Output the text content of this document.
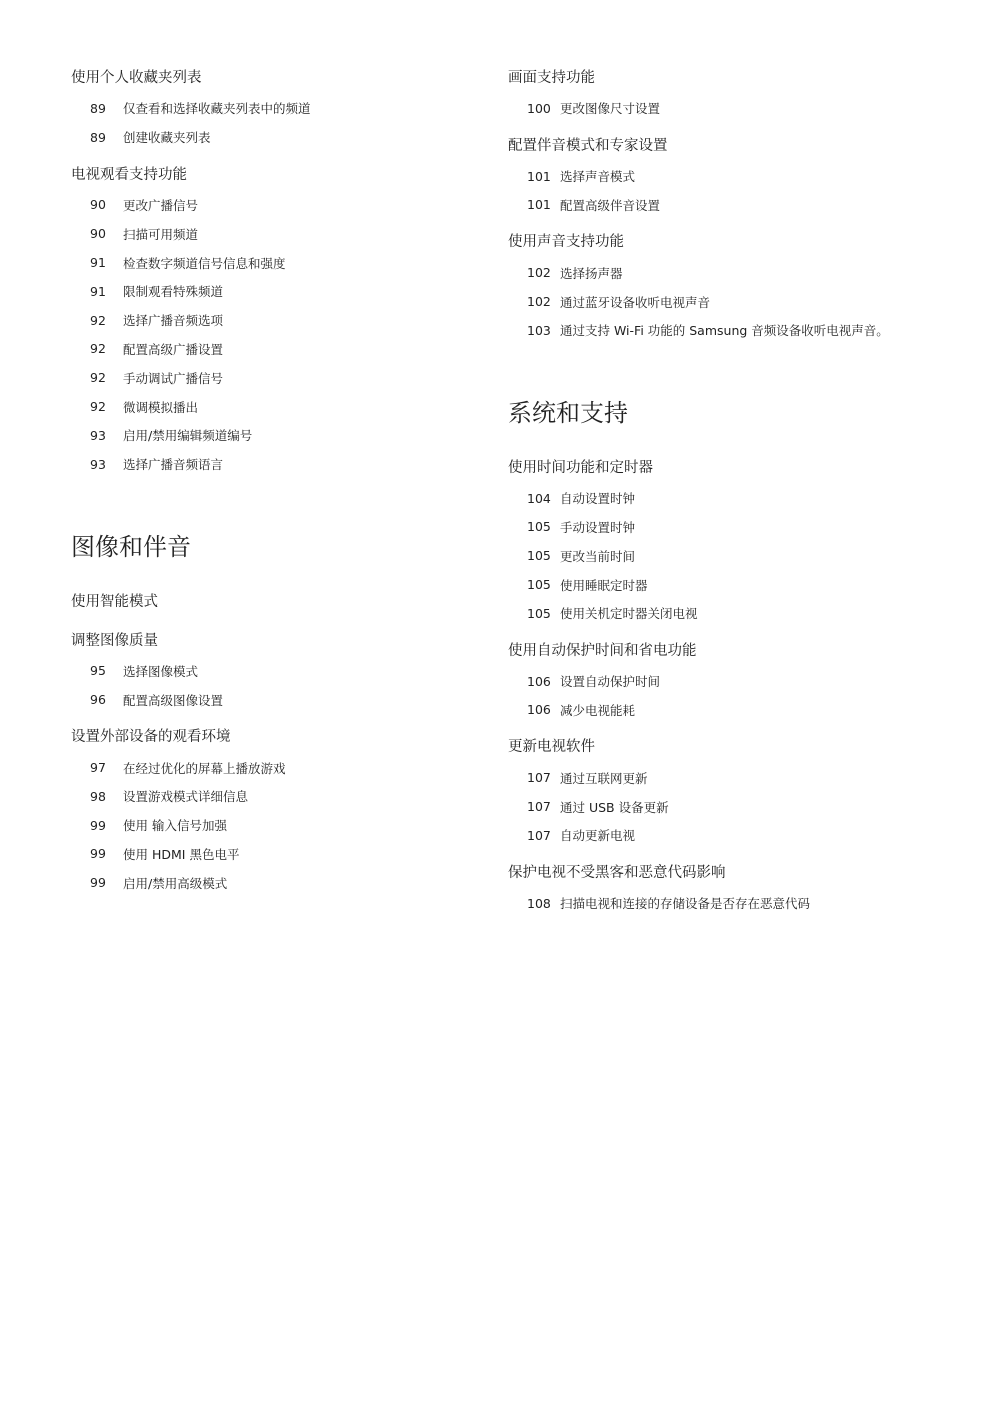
使用个人收藏夹列表
89	仅查看和选择收藏夹列表中的频道
89	创建收藏夹列表
电视观看支持功能
90	更改广播信号
90	扫描可用频道
91	检查数字频道信号信息和强度
91	限制观看特殊频道
92	选择广播音频选项
92	配置高级广播设置
92	手动调试广播信号
92	微调模拟播出
93	启用/禁用编辑频道编号
93	选择广播音频语言
图像和伴音
使用智能模式
调整图像质量
95	选择图像模式
96	配置高级图像设置
设置外部设备的观看环境
97	在经过优化的屏幕上播放游戏
98	设置游戏模式详细信息
99	使用 输入信号加强
99	使用 HDMI 黑色电平
99	启用/禁用高级模式
画面支持功能
100 更改图像尺寸设置
配置伴音模式和专家设置
101 选择声音模式
101 配置高级伴音设置
使用声音支持功能
102 选择扬声器
102 通过蓝牙设备收听电视声音
103 通过支持 Wi-Fi 功能的 Samsung 音频设备收听电视声音。
系统和支持
使用时间功能和定时器
104 自动设置时钟
105 手动设置时钟
105 更改当前时间
105 使用睡眠定时器
105 使用关机定时器关闭电视
使用自动保护时间和省电功能
106 设置自动保护时间
106 减少电视能耗
更新电视软件
107 通过互联网更新
107 通过 USB 设备更新
107 自动更新电视
保护电视不受黑客和恶意代码影响
108 扫描电视和连接的存储设备是否存在恶意代码
